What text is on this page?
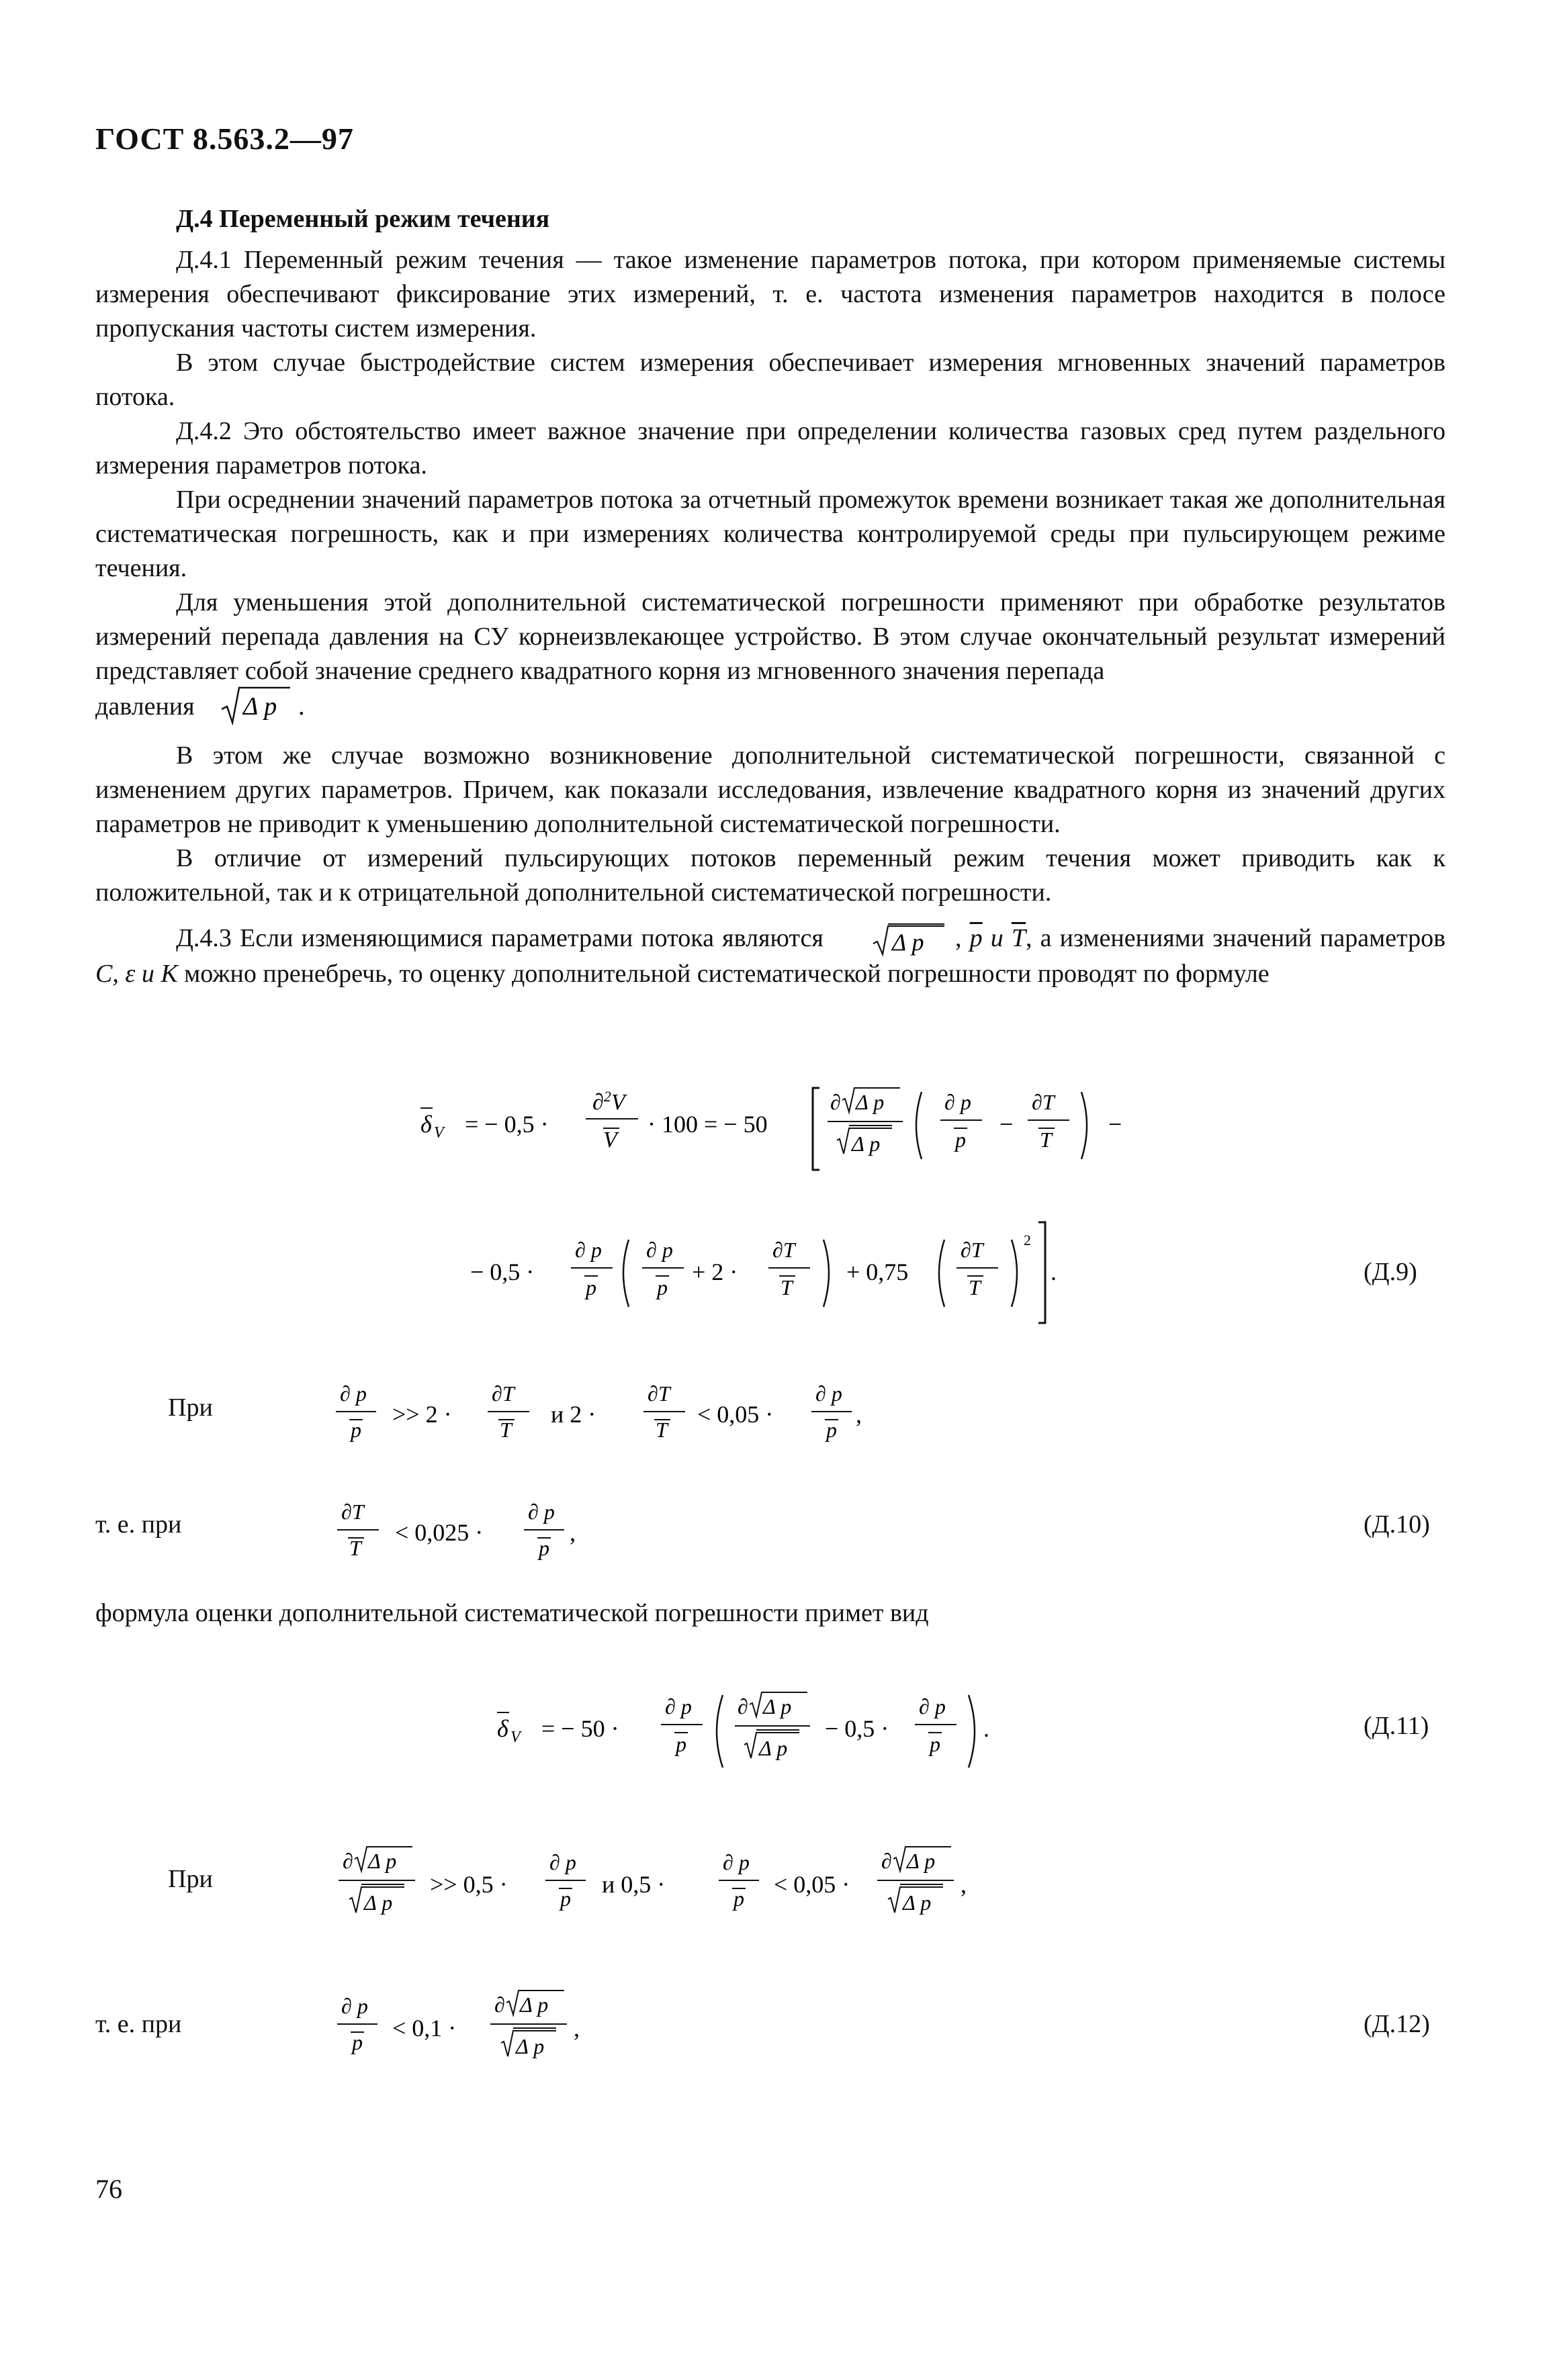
ГОСТ 8.563.2—97
Д.4 Переменный режим течения

Д.4.1 Переменный режим течения — такое изменение параметров потока, при котором применяемые системы измерения обеспечивают фиксирование этих измерений, т. е. частота изменения параметров находится в полосе пропускания частоты систем измерения.

В этом случае быстродействие систем измерения обеспечивает измерения мгновенных значений параметров потока.

Д.4.2 Это обстоятельство имеет важное значение при определении количества газовых сред путем раздельного измерения параметров потока.

При осреднении значений параметров потока за отчетный промежуток времени возникает такая же дополнительная систематическая погрешность, как и при измерениях количества контролируемой среды при пульсирующем режиме течения.

Для уменьшения этой дополнительной систематической погрешности применяют при обработке результатов измерений перепада давления на СУ корнеизвлекающее устройство. В этом случае окончательный результат измерений представляет собой значение среднего квадратного корня из мгновенного значения перепада

давления Δ p .

В этом же случае возможно возникновение дополнительной систематической погрешности, связанной с изменением других параметров. Причем, как показали исследования, извлечение квадратного корня из значений других параметров не приводит к уменьшению дополнительной систематической погрешности.

В отличие от измерений пульсирующих потоков переменный режим течения может приводить как к положительной, так и к отрицательной дополнительной систематической погрешности.

Д.4.3 Если изменяющимися параметрами потока являются	Δ p , $\overline{p}$ и $\overline{T}$, а изменениями значений параметров C, ε и K можно пренебречь, то оценку дополнительной систематической погрешности проводят по формуле

δ V = − 0,5 ·
∂$^2$V
V
· 100 = − 50
∂ Δ p
Δ p
∂ p
p
−
∂T
T
−
− 0,5 ·
∂ p
p
∂ p
p
+ 2 ·
∂T
T
+ 0,75
∂T
T
2
.	(Д.9)
При	∂ p
p
>> 2 ·
∂T
T
и 2 ·
∂T
T
< 0,05 ·
∂ p
p
,
т. е. при	∂T
T
< 0,025 ·
∂ p
p
,	(Д.10)
формула оценки дополнительной систематической погрешности примет вид
δ V = − 50 ·
∂ p
p
∂ Δ p
Δ p
− 0,5 ·
∂ p
p
.	(Д.11)
При
∂ Δ p
Δ p
>> 0,5 ·
∂ p
p
и 0,5 ·
∂ p
p
< 0,05 ·
∂ Δ p
Δ p
,
т. е. при
∂ p
p
< 0,1 ·
∂ Δ p
Δ p
,	(Д.12)
76
